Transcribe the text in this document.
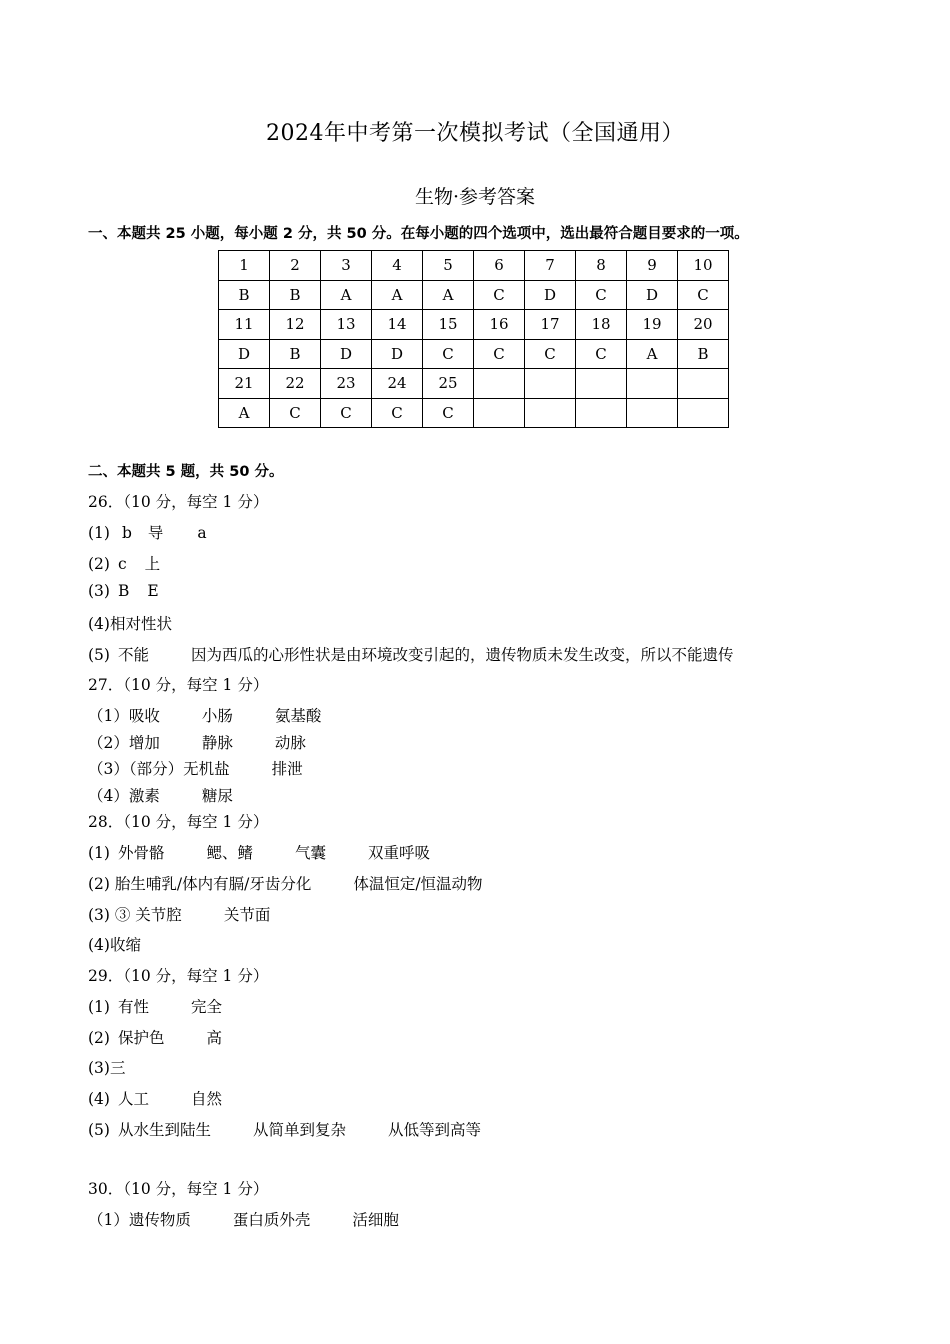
2024年中考第一次模拟考试（全国通用）
生物·参考答案
一、本题共 25 小题，每小题 2 分，共 50 分。在每小题的四个选项中，选出最符合题目要求的一项。
1	2	3	4	5	6	7	8	9	10
B	B	A	A	A	C	D	C	D	C
11	12	13	14	15	16	17	18	19	20
D	B	D	D	C	C	C	C	A	B
21	22	23	24	25					
A	C	C	C	C					
二、本题共 5 题，共 50 分。
26．（10 分，每空 1 分）
(1) b 导 a
(2) c 上
(3) B E
(4)相对性状
(5) 不能	因为西瓜的心形性状是由环境改变引起的，遗传物质未发生改变，所以不能遗传
27．（10 分，每空 1 分）
（1）吸收	小肠	氨基酸
（2）增加	静脉	动脉
（3）（部分）无机盐	排泄
（4）激素	糖尿
28．（10 分，每空 1 分）
(1) 外骨骼	鳃、鳍	气囊	双重呼吸
(2) 胎生哺乳/体内有膈/牙齿分化	体温恒定/恒温动物
(3) ③ 关节腔	关节面
(4)收缩
29．（10 分，每空 1 分）
(1) 有性	完全
(2) 保护色	高
(3)三
(4) 人工	自然
(5) 从水生到陆生	从简单到复杂	从低等到高等
30．（10 分，每空 1 分）
（1）遗传物质	蛋白质外壳	活细胞
